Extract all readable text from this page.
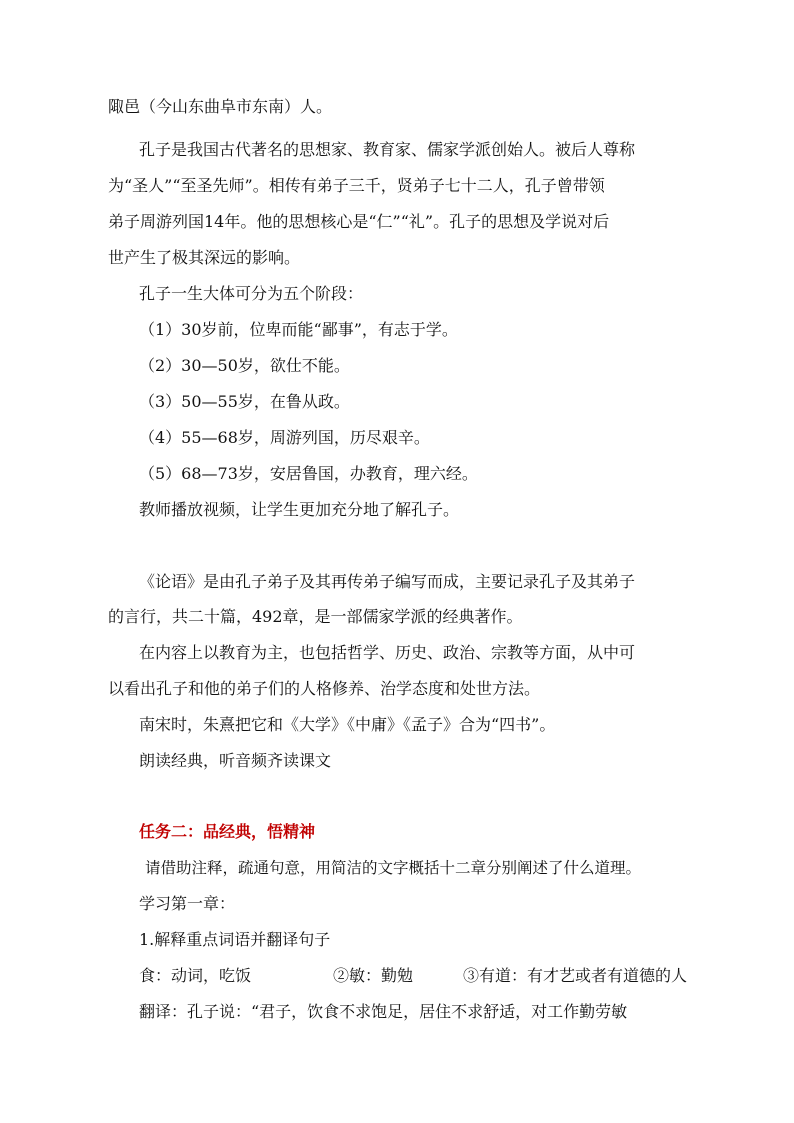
陬邑（今山东曲阜市东南）人。
孔子是我国古代著名的思想家、教育家、儒家学派创始人。被后人尊称
为“圣人”“至圣先师”。相传有弟子三千，贤弟子七十二人，孔子曾带领
弟子周游列国14年。他的思想核心是“仁”“礼”。孔子的思想及学说对后
世产生了极其深远的影响。
孔子一生大体可分为五个阶段：
（1）30岁前，位卑而能“鄙事”，有志于学。
（2）30—50岁，欲仕不能。
（3）50—55岁，在鲁从政。
（4）55—68岁，周游列国，历尽艰辛。
（5）68—73岁，安居鲁国，办教育，理六经。
教师播放视频，让学生更加充分地了解孔子。
《论语》是由孔子弟子及其再传弟子编写而成，主要记录孔子及其弟子
的言行，共二十篇，492章，是一部儒家学派的经典著作。
在内容上以教育为主，也包括哲学、历史、政治、宗教等方面，从中可
以看出孔子和他的弟子们的人格修养、治学态度和处世方法。
南宋时，朱熹把它和《大学》《中庸》《孟子》合为“四书”。
朗读经典，听音频齐读课文
任务二：品经典，悟精神
请借助注释，疏通句意，用简洁的文字概括十二章分别阐述了什么道理。
学习第一章：
1.解释重点词语并翻译句子
食：动词，吃饭	②敏：勤勉	③有道：有才艺或者有道德的人
翻译：孔子说：“君子，饮食不求饱足，居住不求舒适，对工作勤劳敏
